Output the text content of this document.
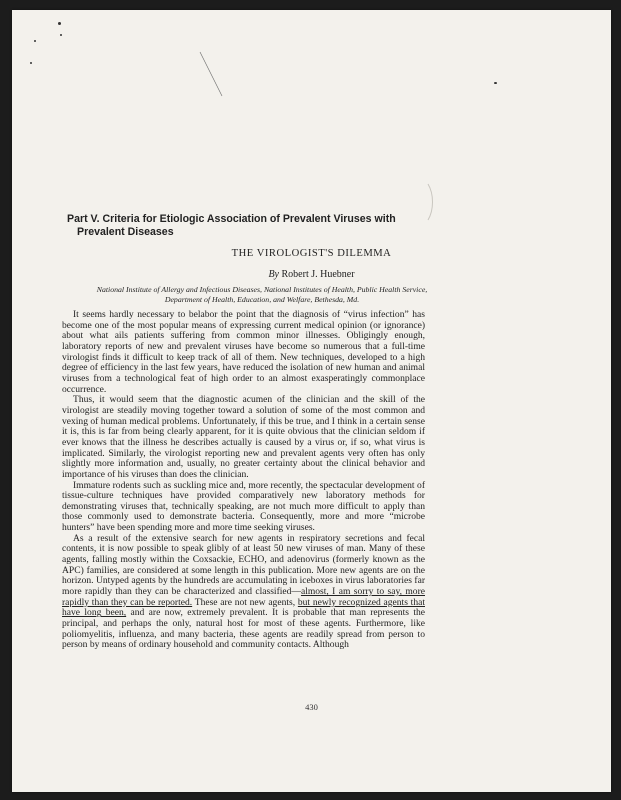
Part V. Criteria for Etiologic Association of Prevalent Viruses with
Prevalent Diseases
THE VIROLOGIST'S DILEMMA
By Robert J. Huebner
National Institute of Allergy and Infectious Diseases, National Institutes of Health, Public Health Service, Department of Health, Education, and Welfare, Bethesda, Md.

It seems hardly necessary to belabor the point that the diagnosis of “virus infection” has become one of the most popular means of expressing current medical opinion (or ignorance) about what ails patients suffering from common minor illnesses. Obligingly enough, laboratory reports of new and prevalent viruses have become so numerous that a full-time virologist finds it difficult to keep track of all of them. New techniques, developed to a high degree of efficiency in the last few years, have reduced the isolation of new human and animal viruses from a technological feat of high order to an almost exasperatingly commonplace occurrence.

Thus, it would seem that the diagnostic acumen of the clinician and the skill of the virologist are steadily moving together toward a solution of some of the most common and vexing of human medical problems. Unfortunately, if this be true, and I think in a certain sense it is, this is far from being clearly apparent, for it is quite obvious that the clinician seldom if ever knows that the illness he describes actually is caused by a virus or, if so, what virus is implicated. Similarly, the virologist reporting new and prevalent agents very often has only slightly more information and, usually, no greater certainty about the clinical behavior and importance of his viruses than does the clinician.

Immature rodents such as suckling mice and, more recently, the spectacular development of tissue-culture techniques have provided comparatively new laboratory methods for demonstrating viruses that, technically speaking, are not much more difficult to apply than those commonly used to demonstrate bacteria. Consequently, more and more “microbe hunters” have been spending more and more time seeking viruses.

As a result of the extensive search for new agents in respiratory secretions and fecal contents, it is now possible to speak glibly of at least 50 new viruses of man. Many of these agents, falling mostly within the Coxsackie, ECHO, and adenovirus (formerly known as the APC) families, are considered at some length in this publication. More new agents are on the horizon. Untyped agents by the hundreds are accumulating in iceboxes in virus laboratories far more rapidly than they can be characterized and classified—almost, I am sorry to say, more rapidly than they can be reported. These are not new agents, but newly recognized agents that have long been, and are now, extremely prevalent. It is probable that man represents the principal, and perhaps the only, natural host for most of these agents. Furthermore, like poliomyelitis, influenza, and many bacteria, these agents are readily spread from person to person by means of ordinary household and community contacts. Although

430
